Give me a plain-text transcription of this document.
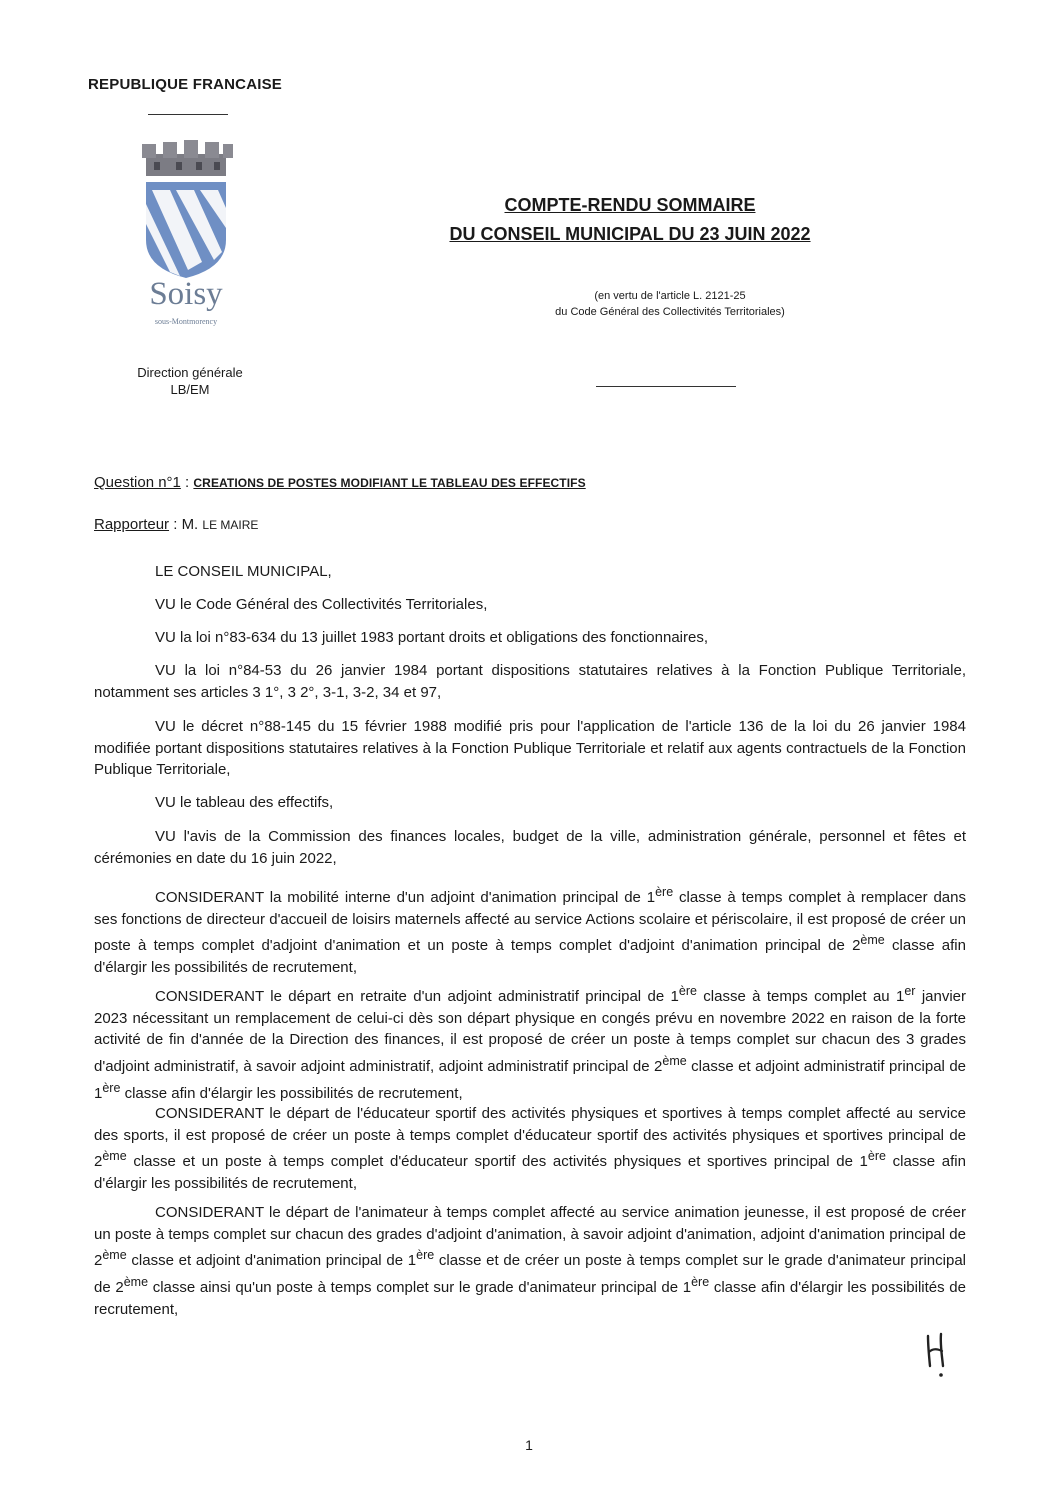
REPUBLIQUE FRANCAISE
Soisy
sous-Montmorency
COMPTE-RENDU SOMMAIRE
DU CONSEIL MUNICIPAL DU 23 JUIN 2022
(en vertu de l'article L. 2121-25
du Code Général des Collectivités Territoriales)
Direction générale
LB/EM
Question n°1 : CREATIONS DE POSTES MODIFIANT LE TABLEAU DES EFFECTIFS
Rapporteur : M. LE MAIRE
LE CONSEIL MUNICIPAL,
VU le Code Général des Collectivités Territoriales,
VU la loi n°83-634 du 13 juillet 1983 portant droits et obligations des fonctionnaires,
VU la loi n°84-53 du 26 janvier 1984 portant dispositions statutaires relatives à la Fonction Publique Territoriale, notamment ses articles 3 1°, 3 2°, 3-1, 3-2, 34 et 97,
VU le décret n°88-145 du 15 février 1988 modifié pris pour l'application de l'article 136 de la loi du 26 janvier 1984 modifiée portant dispositions statutaires relatives à la Fonction Publique Territoriale et relatif aux agents contractuels de la Fonction Publique Territoriale,
VU le tableau des effectifs,
VU l'avis de la Commission des finances locales, budget de la ville, administration générale, personnel et fêtes et cérémonies en date du 16 juin 2022,
CONSIDERANT la mobilité interne d'un adjoint d'animation principal de 1ère classe à temps complet à remplacer dans ses fonctions de directeur d'accueil de loisirs maternels affecté au service Actions scolaire et périscolaire, il est proposé de créer un poste à temps complet d'adjoint d'animation et un poste à temps complet d'adjoint d'animation principal de 2ème classe afin d'élargir les possibilités de recrutement,
CONSIDERANT le départ en retraite d'un adjoint administratif principal de 1ère classe à temps complet au 1er janvier 2023 nécessitant un remplacement de celui-ci dès son départ physique en congés prévu en novembre 2022 en raison de la forte activité de fin d'année de la Direction des finances, il est proposé de créer un poste à temps complet sur chacun des 3 grades d'adjoint administratif, à savoir adjoint administratif, adjoint administratif principal de 2ème classe et adjoint administratif principal de 1ère classe afin d'élargir les possibilités de recrutement,
CONSIDERANT le départ de l'éducateur sportif des activités physiques et sportives à temps complet affecté au service des sports, il est proposé de créer un poste à temps complet d'éducateur sportif des activités physiques et sportives principal de 2ème classe et un poste à temps complet d'éducateur sportif des activités physiques et sportives principal de 1ère classe afin d'élargir les possibilités de recrutement,
CONSIDERANT le départ de l'animateur à temps complet affecté au service animation jeunesse, il est proposé de créer un poste à temps complet sur chacun des grades d'adjoint d'animation, à savoir adjoint d'animation, adjoint d'animation principal de 2ème classe et adjoint d'animation principal de 1ère classe et de créer un poste à temps complet sur le grade d'animateur principal de 2ème classe ainsi qu'un poste à temps complet sur le grade d'animateur principal de 1ère classe afin d'élargir les possibilités de recrutement,
1
